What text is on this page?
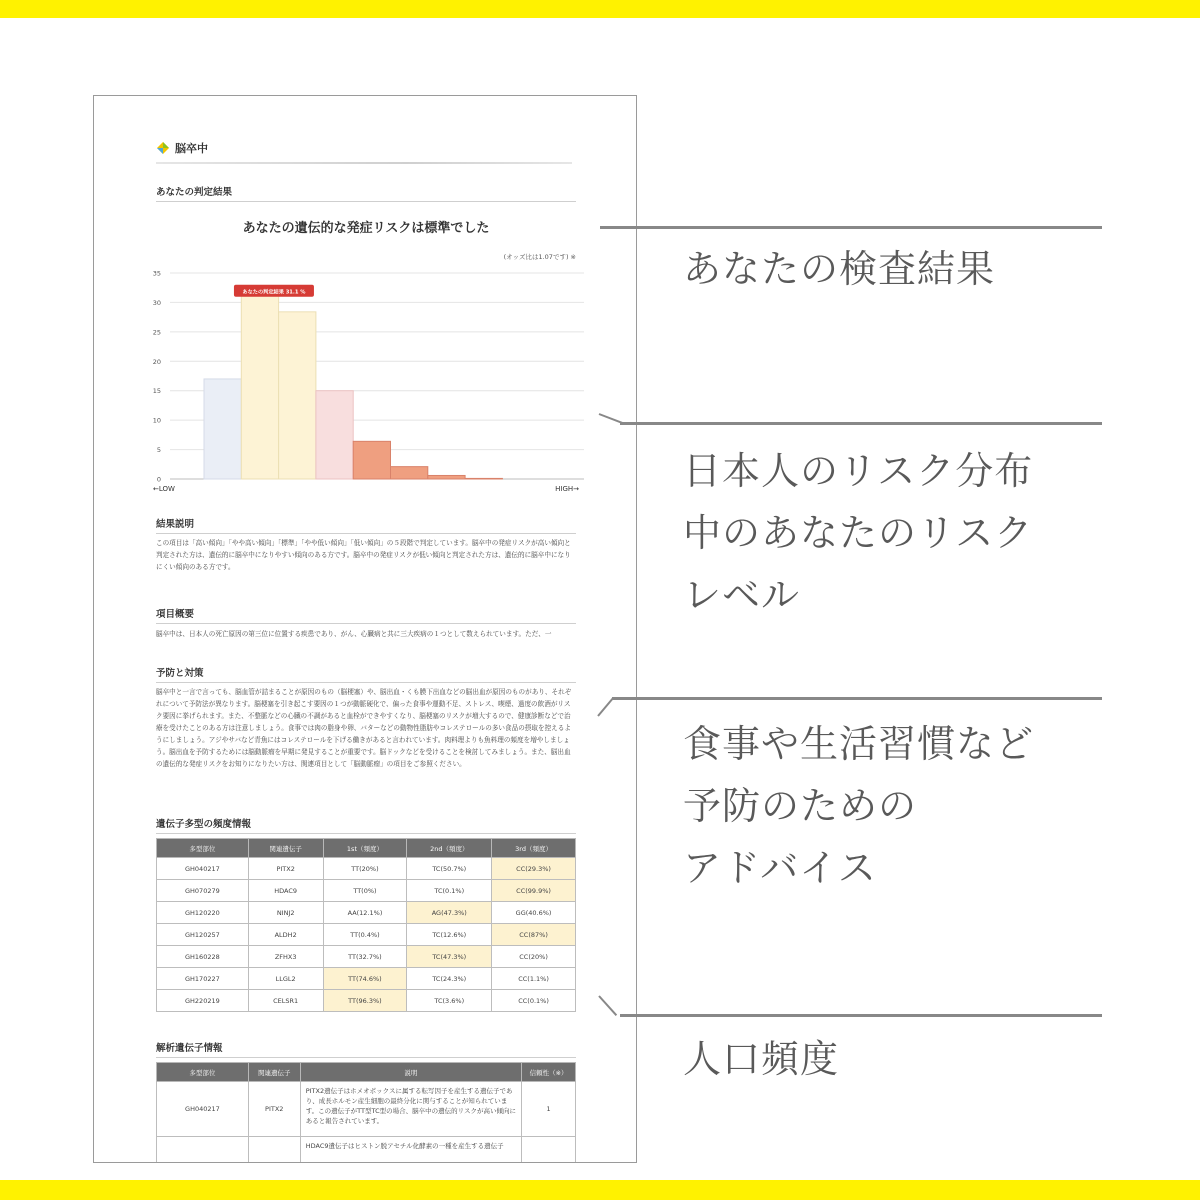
脳卒中
あなたの判定結果
あなたの遺伝的な発症リスクは標準でした
(オッズ比は1.07です) ※
0
5
10
15
20
25
30
35
あなたの判定結果 31.1 %
←LOW	HIGH→
結果説明
この項目は「高い傾向」「やや高い傾向」「標準」「やや低い傾向」「低い傾向」の５段階で判定しています。脳卒中の発症リスクが高い傾向と判定された方は、遺伝的に脳卒中になりやすい傾向のある方です。脳卒中の発症リスクが低い傾向と判定された方は、遺伝的に脳卒中になりにくい傾向のある方です。
項目概要
脳卒中は、日本人の死亡原因の第三位に位置する疾患であり、がん、心臓病と共に三大疾病の１つとして数えられています。ただ、一
予防と対策
脳卒中と一言で言っても、脳血管が詰まることが原因のもの（脳梗塞）や、脳出血・くも膜下出血などの脳出血が原因のものがあり、それぞれについて予防法が異なります。脳梗塞を引き起こす要因の１つが動脈硬化で、偏った食事や運動不足、ストレス、喫煙、過度の飲酒がリスク要因に挙げられます。また、不整脈などの心臓の不調があると血栓ができやすくなり、脳梗塞のリスクが増大するので、健康診断などで治療を受けたことのある方は注意しましょう。食事では肉の脂身や卵、バターなどの動物性脂肪やコレステロールの多い食品の摂取を控えるようにしましょう。アジやサバなど青魚にはコレステロールを下げる働きがあると言われています。肉料理よりも魚料理の頻度を増やしましょう。脳出血を予防するためには脳動脈瘤を早期に発見することが重要です。脳ドックなどを受けることを検討してみましょう。また、脳出血の遺伝的な発症リスクをお知りになりたい方は、関連項目として「脳動脈瘤」の項目をご参照ください。
遺伝子多型の頻度情報
多型部位	関連遺伝子	1st（頻度）	2nd（頻度）	3rd（頻度）
GH040217	PITX2	TT(20%)	TC(50.7%)	CC(29.3%)
GH070279	HDAC9	TT(0%)	TC(0.1%)	CC(99.9%)
GH120220	NINJ2	AA(12.1%)	AG(47.3%)	GG(40.6%)
GH120257	ALDH2	TT(0.4%)	TC(12.6%)	CC(87%)
GH160228	ZFHX3	TT(32.7%)	TC(47.3%)	CC(20%)
GH170227	LLGL2	TT(74.6%)	TC(24.3%)	CC(1.1%)
GH220219	CELSR1	TT(96.3%)	TC(3.6%)	CC(0.1%)
解析遺伝子情報
多型部位	関連遺伝子	説明	信頼性（※）
GH040217	PITX2	PITX2遺伝子はホメオボックスに属する転写因子を産生する遺伝子であり、成長ホルモン産生細胞の最終分化に関与することが知られています。この遺伝子がTT型TC型の場合、脳卒中の遺伝的リスクが高い傾向にあると報告されています。	1
		HDAC9遺伝子はヒストン脱アセチル化酵素の一種を産生する遺伝子	
あなたの検査結果
日本人のリスク分布
中のあなたのリスク
レベル
食事や生活習慣など
予防のための
アドバイス
人口頻度
